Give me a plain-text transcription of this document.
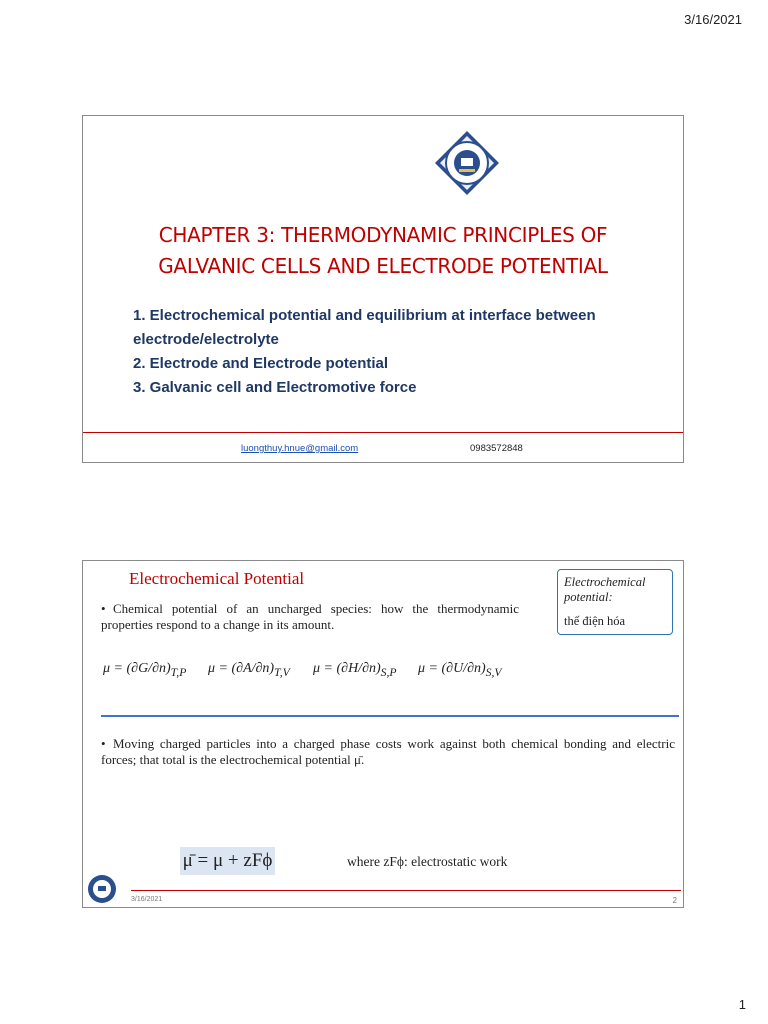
3/16/2021
CHAPTER 3: THERMODYNAMIC PRINCIPLES OF
GALVANIC CELLS AND ELECTRODE POTENTIAL
1. Electrochemical potential and equilibrium at interface between electrode/electrolyte
2. Electrode and Electrode potential
3. Galvanic cell and Electromotive force
luongthuy.hnue@gmail.com	0983572848
Electrochemical Potential	Electrochemical potential:
thế điện hóa
• Chemical potential of an uncharged species: how the thermodynamic properties respond to a change in its amount.
$\mu = (\partial G/\partial n)_{T,P}$ $\mu = (\partial A/\partial n)_{T,V}$ $\mu = (\partial H/\partial n)_{S,P}$ $\mu = (\partial U/\partial n)_{S,V}$
• Moving charged particles into a charged phase costs work against both chemical bonding and electric forces; that total is the electrochemical potential μ̄.
μ̄ = μ + zFϕ	where zFϕ: electrostatic work
3/16/2021	2
1
